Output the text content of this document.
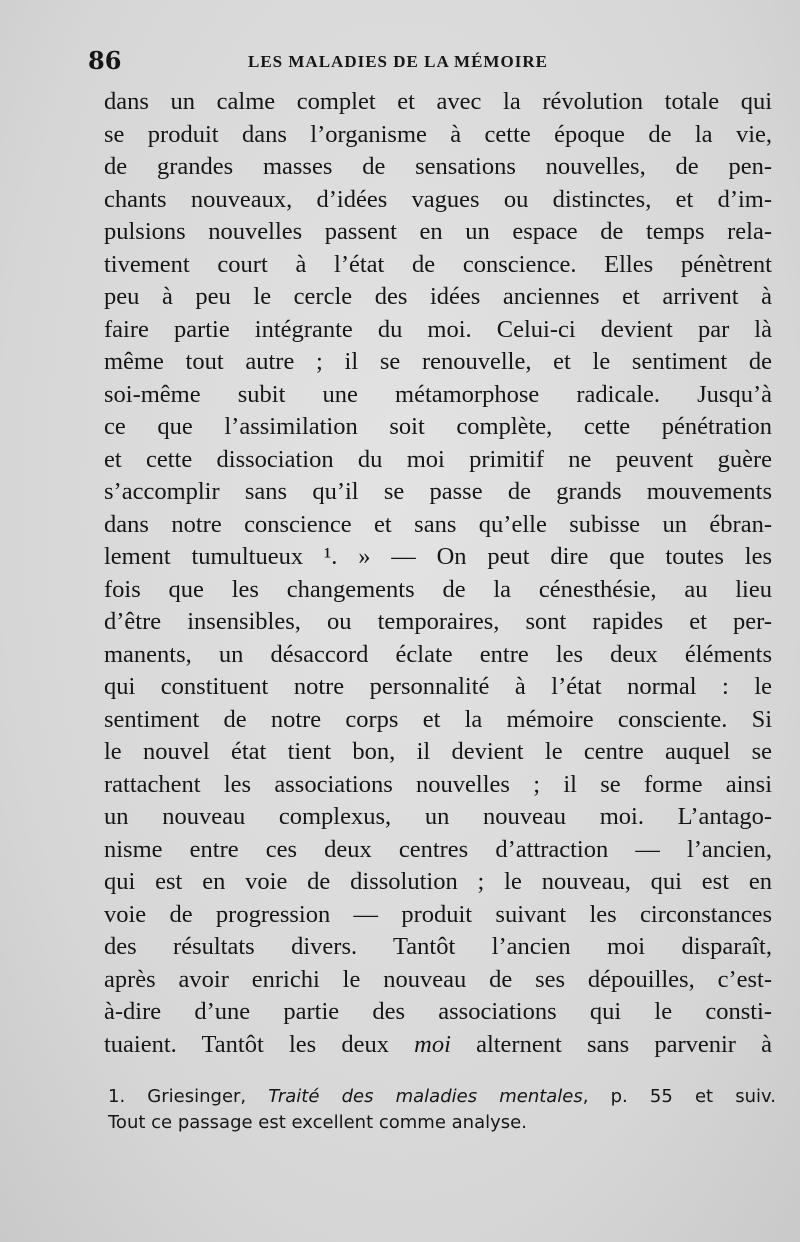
86	LES MALADIES DE LA MÉMOIRE
dans un calme complet et avec la révolution totale qui
se produit dans l’organisme à cette époque de la vie,
de grandes masses de sensations nouvelles, de pen-
chants nouveaux, d’idées vagues ou distinctes, et d’im-
pulsions nouvelles passent en un espace de temps rela-
tivement court à l’état de conscience. Elles pénètrent
peu à peu le cercle des idées anciennes et arrivent à
faire partie intégrante du moi. Celui-ci devient par là
même tout autre ; il se renouvelle, et le sentiment de
soi-même subit une métamorphose radicale. Jusqu’à
ce que l’assimilation soit complète, cette pénétration
et cette dissociation du moi primitif ne peuvent guère
s’accomplir sans qu’il se passe de grands mouvements
dans notre conscience et sans qu’elle subisse un ébran-
lement tumultueux ¹. » — On peut dire que toutes les
fois que les changements de la cénesthésie, au lieu
d’être insensibles, ou temporaires, sont rapides et per-
manents, un désaccord éclate entre les deux éléments
qui constituent notre personnalité à l’état normal : le
sentiment de notre corps et la mémoire consciente. Si
le nouvel état tient bon, il devient le centre auquel se
rattachent les associations nouvelles ; il se forme ainsi
un nouveau complexus, un nouveau moi. L’antago-
nisme entre ces deux centres d’attraction — l’ancien,
qui est en voie de dissolution ; le nouveau, qui est en
voie de progression — produit suivant les circonstances
des résultats divers. Tantôt l’ancien moi disparaît,
après avoir enrichi le nouveau de ses dépouilles, c’est-
à-dire d’une partie des associations qui le consti-
tuaient. Tantôt les deux moi alternent sans parvenir à
1. Griesinger, Traité des maladies mentales, p. 55 et suiv.
Tout ce passage est excellent comme analyse.
